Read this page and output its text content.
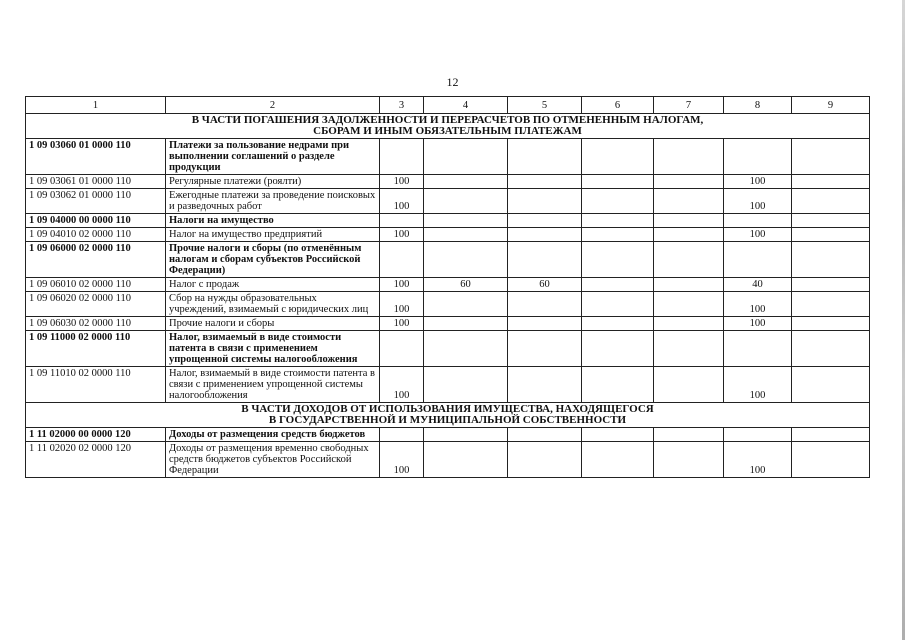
12
1	2	3	4	5	6	7	8	9

В ЧАСТИ ПОГАШЕНИЯ ЗАДОЛЖЕННОСТИ И ПЕРЕРАСЧЕТОВ ПО ОТМЕНЕННЫМ НАЛОГАМ,
СБОРАМ И ИНЫМ ОБЯЗАТЕЛЬНЫМ ПЛАТЕЖАМ								

1 09 03060 01 0000 110	Платежи за пользование недрами при выполнении соглашений о разделе продукции							
1 09 03061 01 0000 110	Регулярные платежи (роялти)	100					100	
1 09 03062 01 0000 110	Ежегодные платежи за проведение поисковых и разведочных работ	100					100	
1 09 04000 00 0000 110	Налоги на имущество							
1 09 04010 02 0000 110	Налог на имущество предприятий	100					100	
1 09 06000 02 0000 110	Прочие налоги и сборы (по отменённым налогам и сборам субъектов Российской Федерации)							
1 09 06010 02 0000 110	Налог с продаж	100	60	60			40	
1 09 06020 02 0000 110	Сбор на нужды образовательных учреждений, взимаемый с юридических лиц	100					100	
1 09 06030 02 0000 110	Прочие налоги и сборы	100					100	
1 09 11000 02 0000 110	Налог, взимаемый в виде стоимости патента в связи с применением упрощенной системы налогообложения							
1 09 11010 02 0000 110	Налог, взимаемый в виде стоимости патента в связи с применением упрощенной системы налогообложения	100					100	

В ЧАСТИ ДОХОДОВ ОТ ИСПОЛЬЗОВАНИЯ ИМУЩЕСТВА, НАХОДЯЩЕГОСЯ
В ГОСУДАРСТВЕННОЙ И МУНИЦИПАЛЬНОЙ СОБСТВЕННОСТИ								

1 11 02000 00 0000 120	Доходы от размещения средств бюджетов							
1 11 02020 02 0000 120	Доходы от размещения временно свободных средств бюджетов субъектов Российской Федерации	100					100	
